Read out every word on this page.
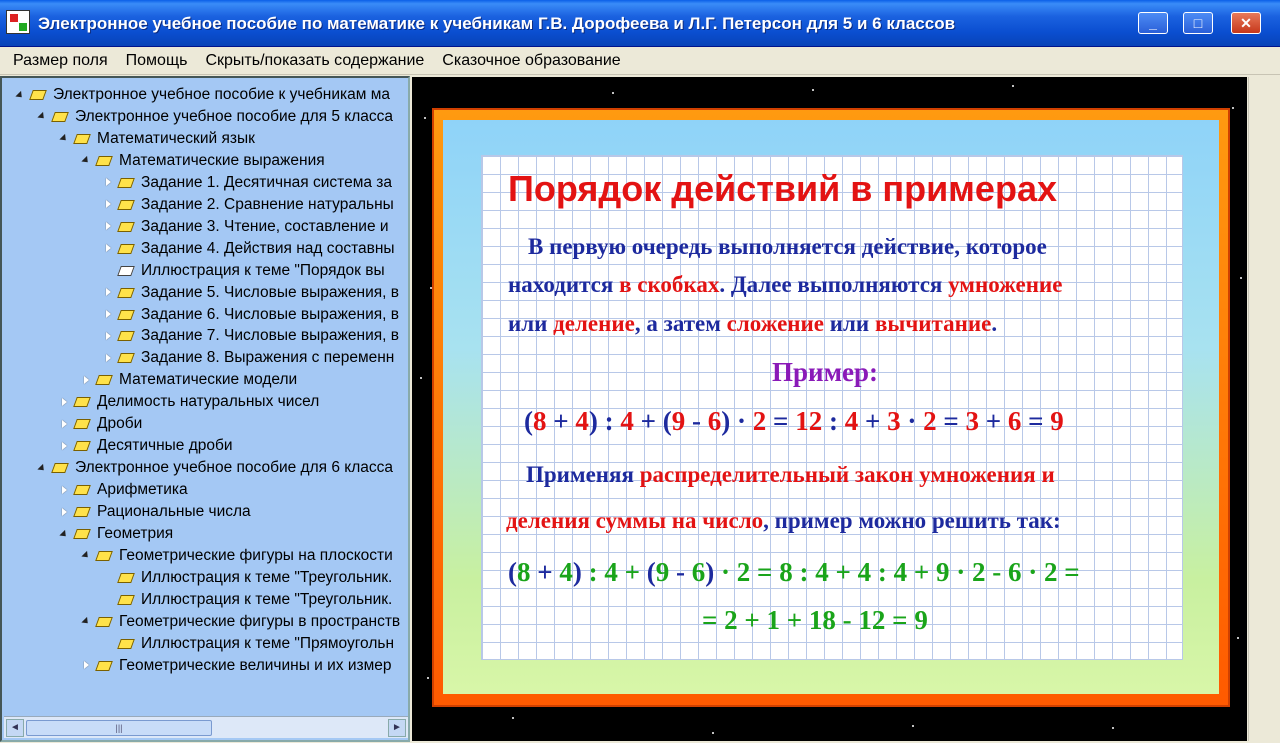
Электронное учебное пособие по математике к учебникам Г.В. Дорофеева и Л.Г. Петерсон для 5 и 6 классов	_	□	✕
Размер поля Помощь Скрыть/показать содержание Сказочное образование
Геометрические величины и их измер
Иллюстрация к теме "Прямоугольн
Геометрические фигуры в пространств
Иллюстрация к теме "Треугольник.
Иллюстрация к теме "Треугольник.
Геометрические фигуры на плоскости
Геометрия
Рациональные числа
Арифметика
Электронное учебное пособие для 6 класса
Десятичные дроби
Дроби
Делимость натуральных чисел
Математические модели
Задание 8. Выражения с переменн
Задание 7. Числовые выражения, в
Задание 6. Числовые выражения, в
Задание 5. Числовые выражения, в
Иллюстрация к теме "Порядок вы
Задание 4. Действия над составны
Задание 3. Чтение, составление и
Задание 2. Сравнение натуральны
Задание 1. Десятичная система за
Математические выражения
Математический язык
Электронное учебное пособие для 5 класса
Электронное учебное пособие к учебникам ма
◄	|||	►
Порядок действий в примерах
В первую очередь выполняется действие, которое
находится в скобках. Далее выполняются умножение
или деление, а затем сложение или вычитание.
Пример:
(8 + 4) : 4 + (9 - 6) · 2 = 12 : 4 + 3 · 2 = 3 + 6 = 9
Применяя распределительный закон умножения и
деления суммы на число, пример можно решить так:
(8 + 4) : 4 + (9 - 6) · 2 = 8 : 4 + 4 : 4 + 9 · 2 - 6 · 2 =
= 2 + 1 + 18 - 12 = 9
